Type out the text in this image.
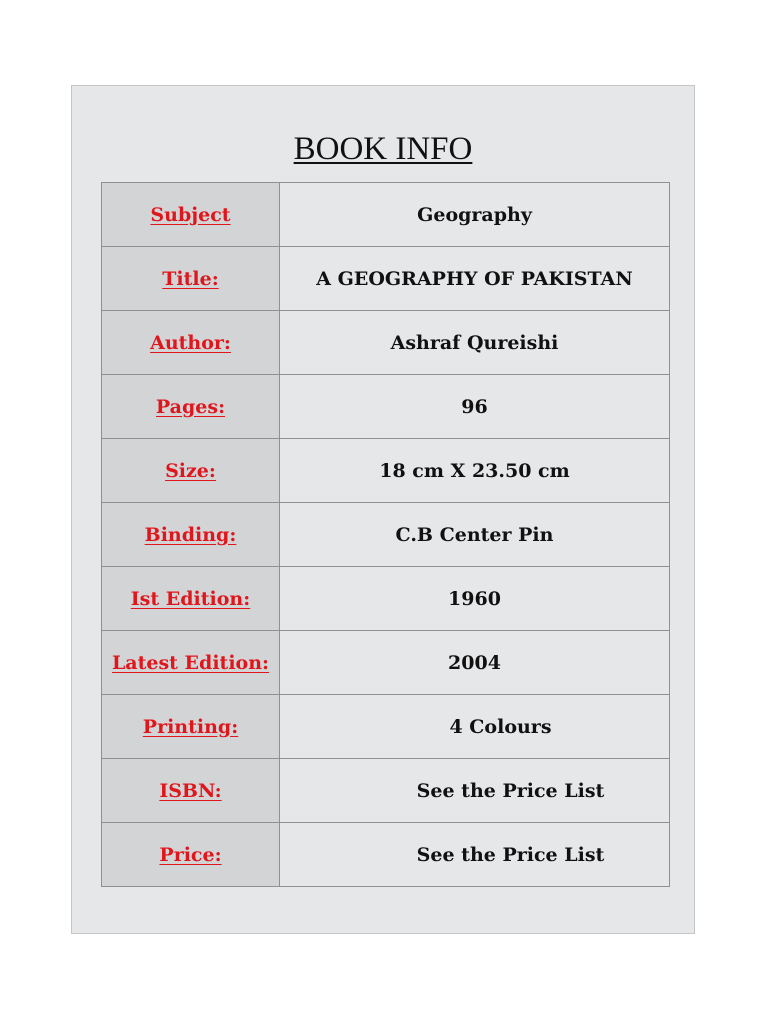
BOOK INFO
Subject	Geography
Title:	A GEOGRAPHY OF PAKISTAN
Author:	Ashraf Qureishi
Pages:	96
Size:	18 cm X 23.50 cm
Binding:	C.B Center Pin
Ist Edition:	1960
Latest Edition:	2004
Printing:	4 Colours
ISBN:	See the Price List
Price:	See the Price List
